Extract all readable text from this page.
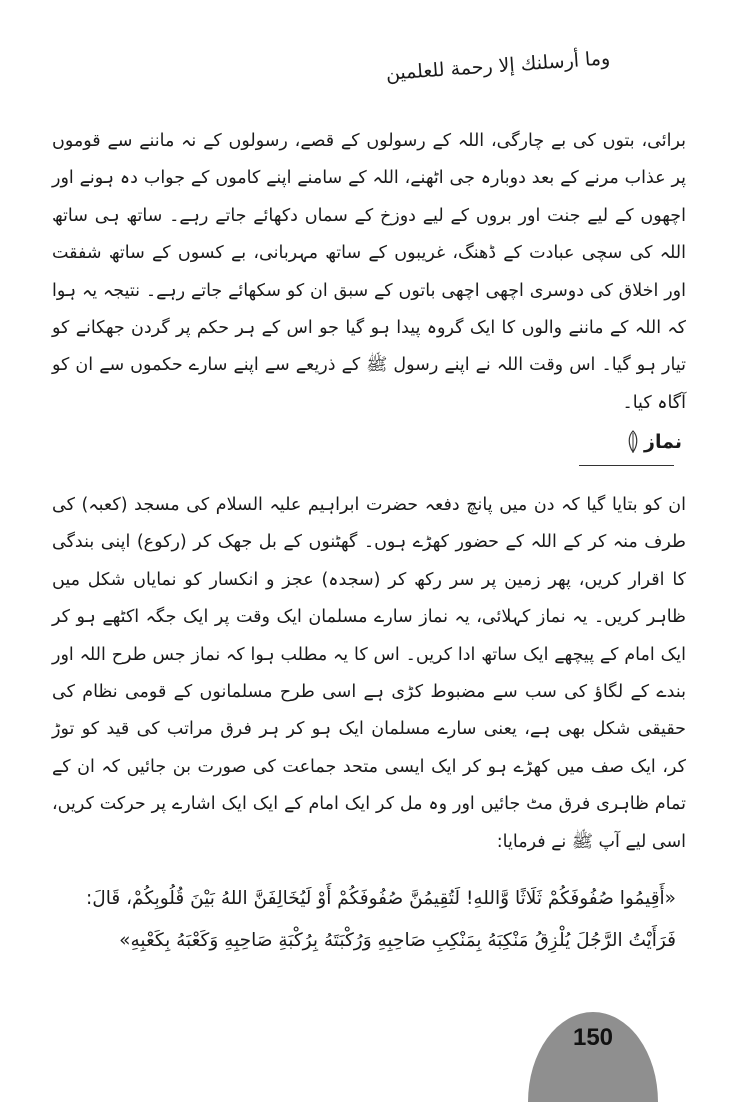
وما أرسلنك إلا رحمة للعلمين

برائی، بتوں کی بے چارگی، اللہ کے رسولوں کے قصے، رسولوں کے نہ ماننے سے قوموں پر عذاب مرنے کے بعد دوبارہ جی اٹھنے، اللہ کے سامنے اپنے کاموں کے جواب دہ ہونے اور اچھوں کے لیے جنت اور بروں کے لیے دوزخ کے سماں دکھائے جاتے رہے۔ ساتھ ہی ساتھ اللہ کی سچی عبادت کے ڈھنگ، غریبوں کے ساتھ مہربانی، بے کسوں کے ساتھ شفقت اور اخلاق کی دوسری اچھی اچھی باتوں کے سبق ان کو سکھائے جاتے رہے۔ نتیجہ یہ ہوا کہ اللہ کے ماننے والوں کا ایک گروہ پیدا ہو گیا جو اس کے ہر حکم پر گردن جھکانے کو تیار ہو گیا۔ اس وقت اللہ نے اپنے رسول ﷺ کے ذریعے سے اپنے سارے حکموں سے ان کو آگاہ کیا۔

نماز

ان کو بتایا گیا کہ دن میں پانچ دفعہ حضرت ابراہیم علیہ السلام کی مسجد (کعبہ) کی طرف منہ کر کے اللہ کے حضور کھڑے ہوں۔ گھٹنوں کے بل جھک کر (رکوع) اپنی بندگی کا اقرار کریں، پھر زمین پر سر رکھ کر (سجدہ) عجز و انکسار کو نمایاں شکل میں ظاہر کریں۔ یہ نماز کہلائی، یہ نماز سارے مسلمان ایک وقت پر ایک جگہ اکٹھے ہو کر ایک امام کے پیچھے ایک ساتھ ادا کریں۔ اس کا یہ مطلب ہوا کہ نماز جس طرح اللہ اور بندے کے لگاؤ کی سب سے مضبوط کڑی ہے اسی طرح مسلمانوں کے قومی نظام کی حقیقی شکل بھی ہے، یعنی سارے مسلمان ایک ہو کر ہر فرق مراتب کی قید کو توڑ کر، ایک صف میں کھڑے ہو کر ایک ایسی متحد جماعت کی صورت بن جائیں کہ ان کے تمام ظاہری فرق مٹ جائیں اور وہ مل کر ایک امام کے ایک ایک اشارے پر حرکت کریں، اسی لیے آپ ﷺ نے فرمایا:

«أَقِيمُوا صُفُوفَكُمْ ثَلَاثًا وَّاللهِ! لَتُقِيمُنَّ صُفُوفَكُمْ أَوْ لَيُخَالِفَنَّ اللهُ بَيْنَ قُلُوبِكُمْ، قَالَ: فَرَأَيْتُ الرَّجُلَ يُلْزِقُ مَنْكِبَهُ بِمَنْكِبِ صَاحِبِهِ وَرُكْبَتَهُ بِرُكْبَةِ صَاحِبِهِ وَكَعْبَهُ بِكَعْبِهِ»

150
